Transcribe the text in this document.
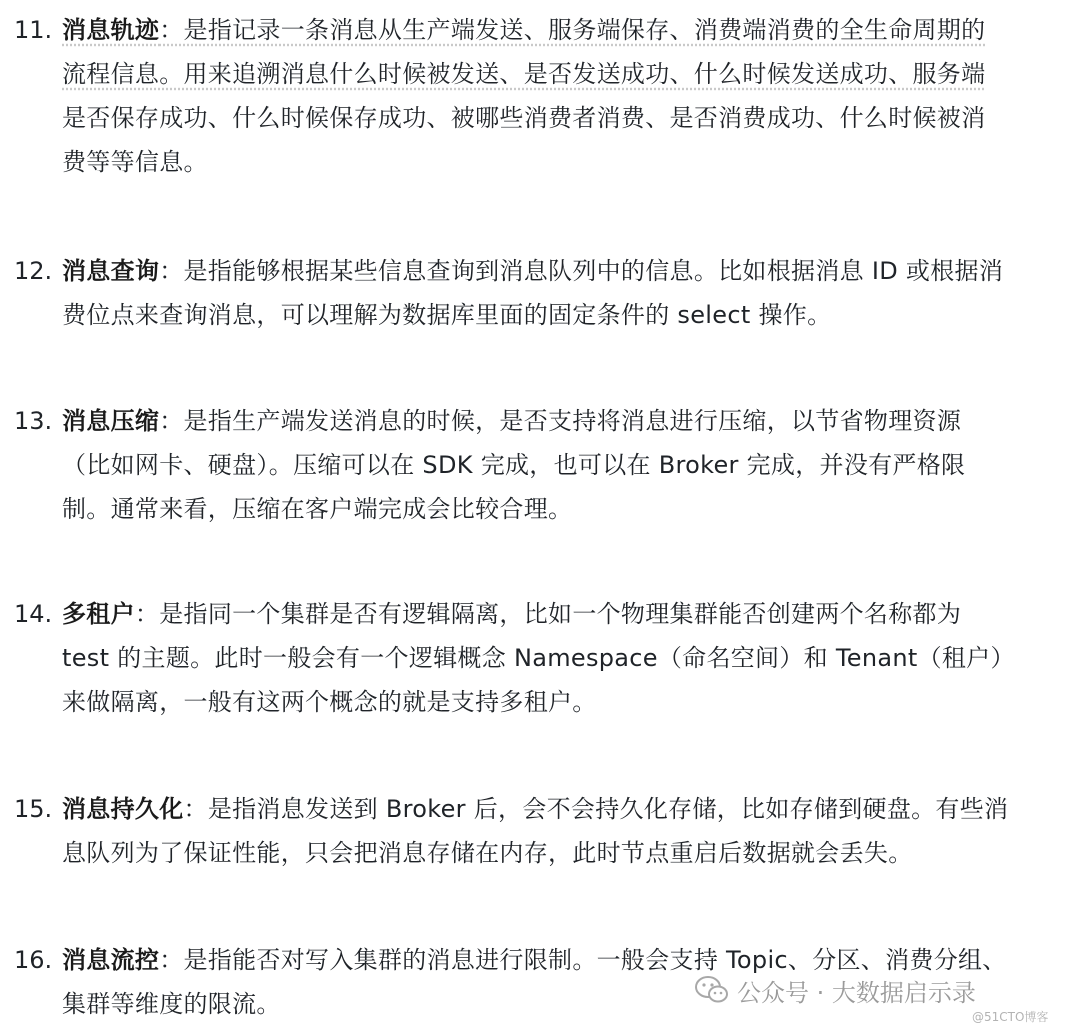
11. 消息轨迹：是指记录一条消息从生产端发送、服务端保存、消费端消费的全生命周期的
流程信息。用来追溯消息什么时候被发送、是否发送成功、什么时候发送成功、服务端
是否保存成功、什么时候保存成功、被哪些消费者消费、是否消费成功、什么时候被消
费等等信息。
12. 消息查询：是指能够根据某些信息查询到消息队列中的信息。比如根据消息 ID 或根据消
费位点来查询消息，可以理解为数据库里面的固定条件的 select 操作。
13. 消息压缩：是指生产端发送消息的时候，是否支持将消息进行压缩，以节省物理资源
（比如网卡、硬盘）。压缩可以在 SDK 完成，也可以在 Broker 完成，并没有严格限
制。通常来看，压缩在客户端完成会比较合理。
14. 多租户：是指同一个集群是否有逻辑隔离，比如一个物理集群能否创建两个名称都为
test 的主题。此时一般会有一个逻辑概念 Namespace（命名空间）和 Tenant（租户）
来做隔离，一般有这两个概念的就是支持多租户。
15. 消息持久化：是指消息发送到 Broker 后，会不会持久化存储，比如存储到硬盘。有些消
息队列为了保证性能，只会把消息存储在内存，此时节点重启后数据就会丢失。
16. 消息流控：是指能否对写入集群的消息进行限制。一般会支持 Topic、分区、消费分组、
集群等维度的限流。	公众号 · 大数据启示录
@51CTO博客
